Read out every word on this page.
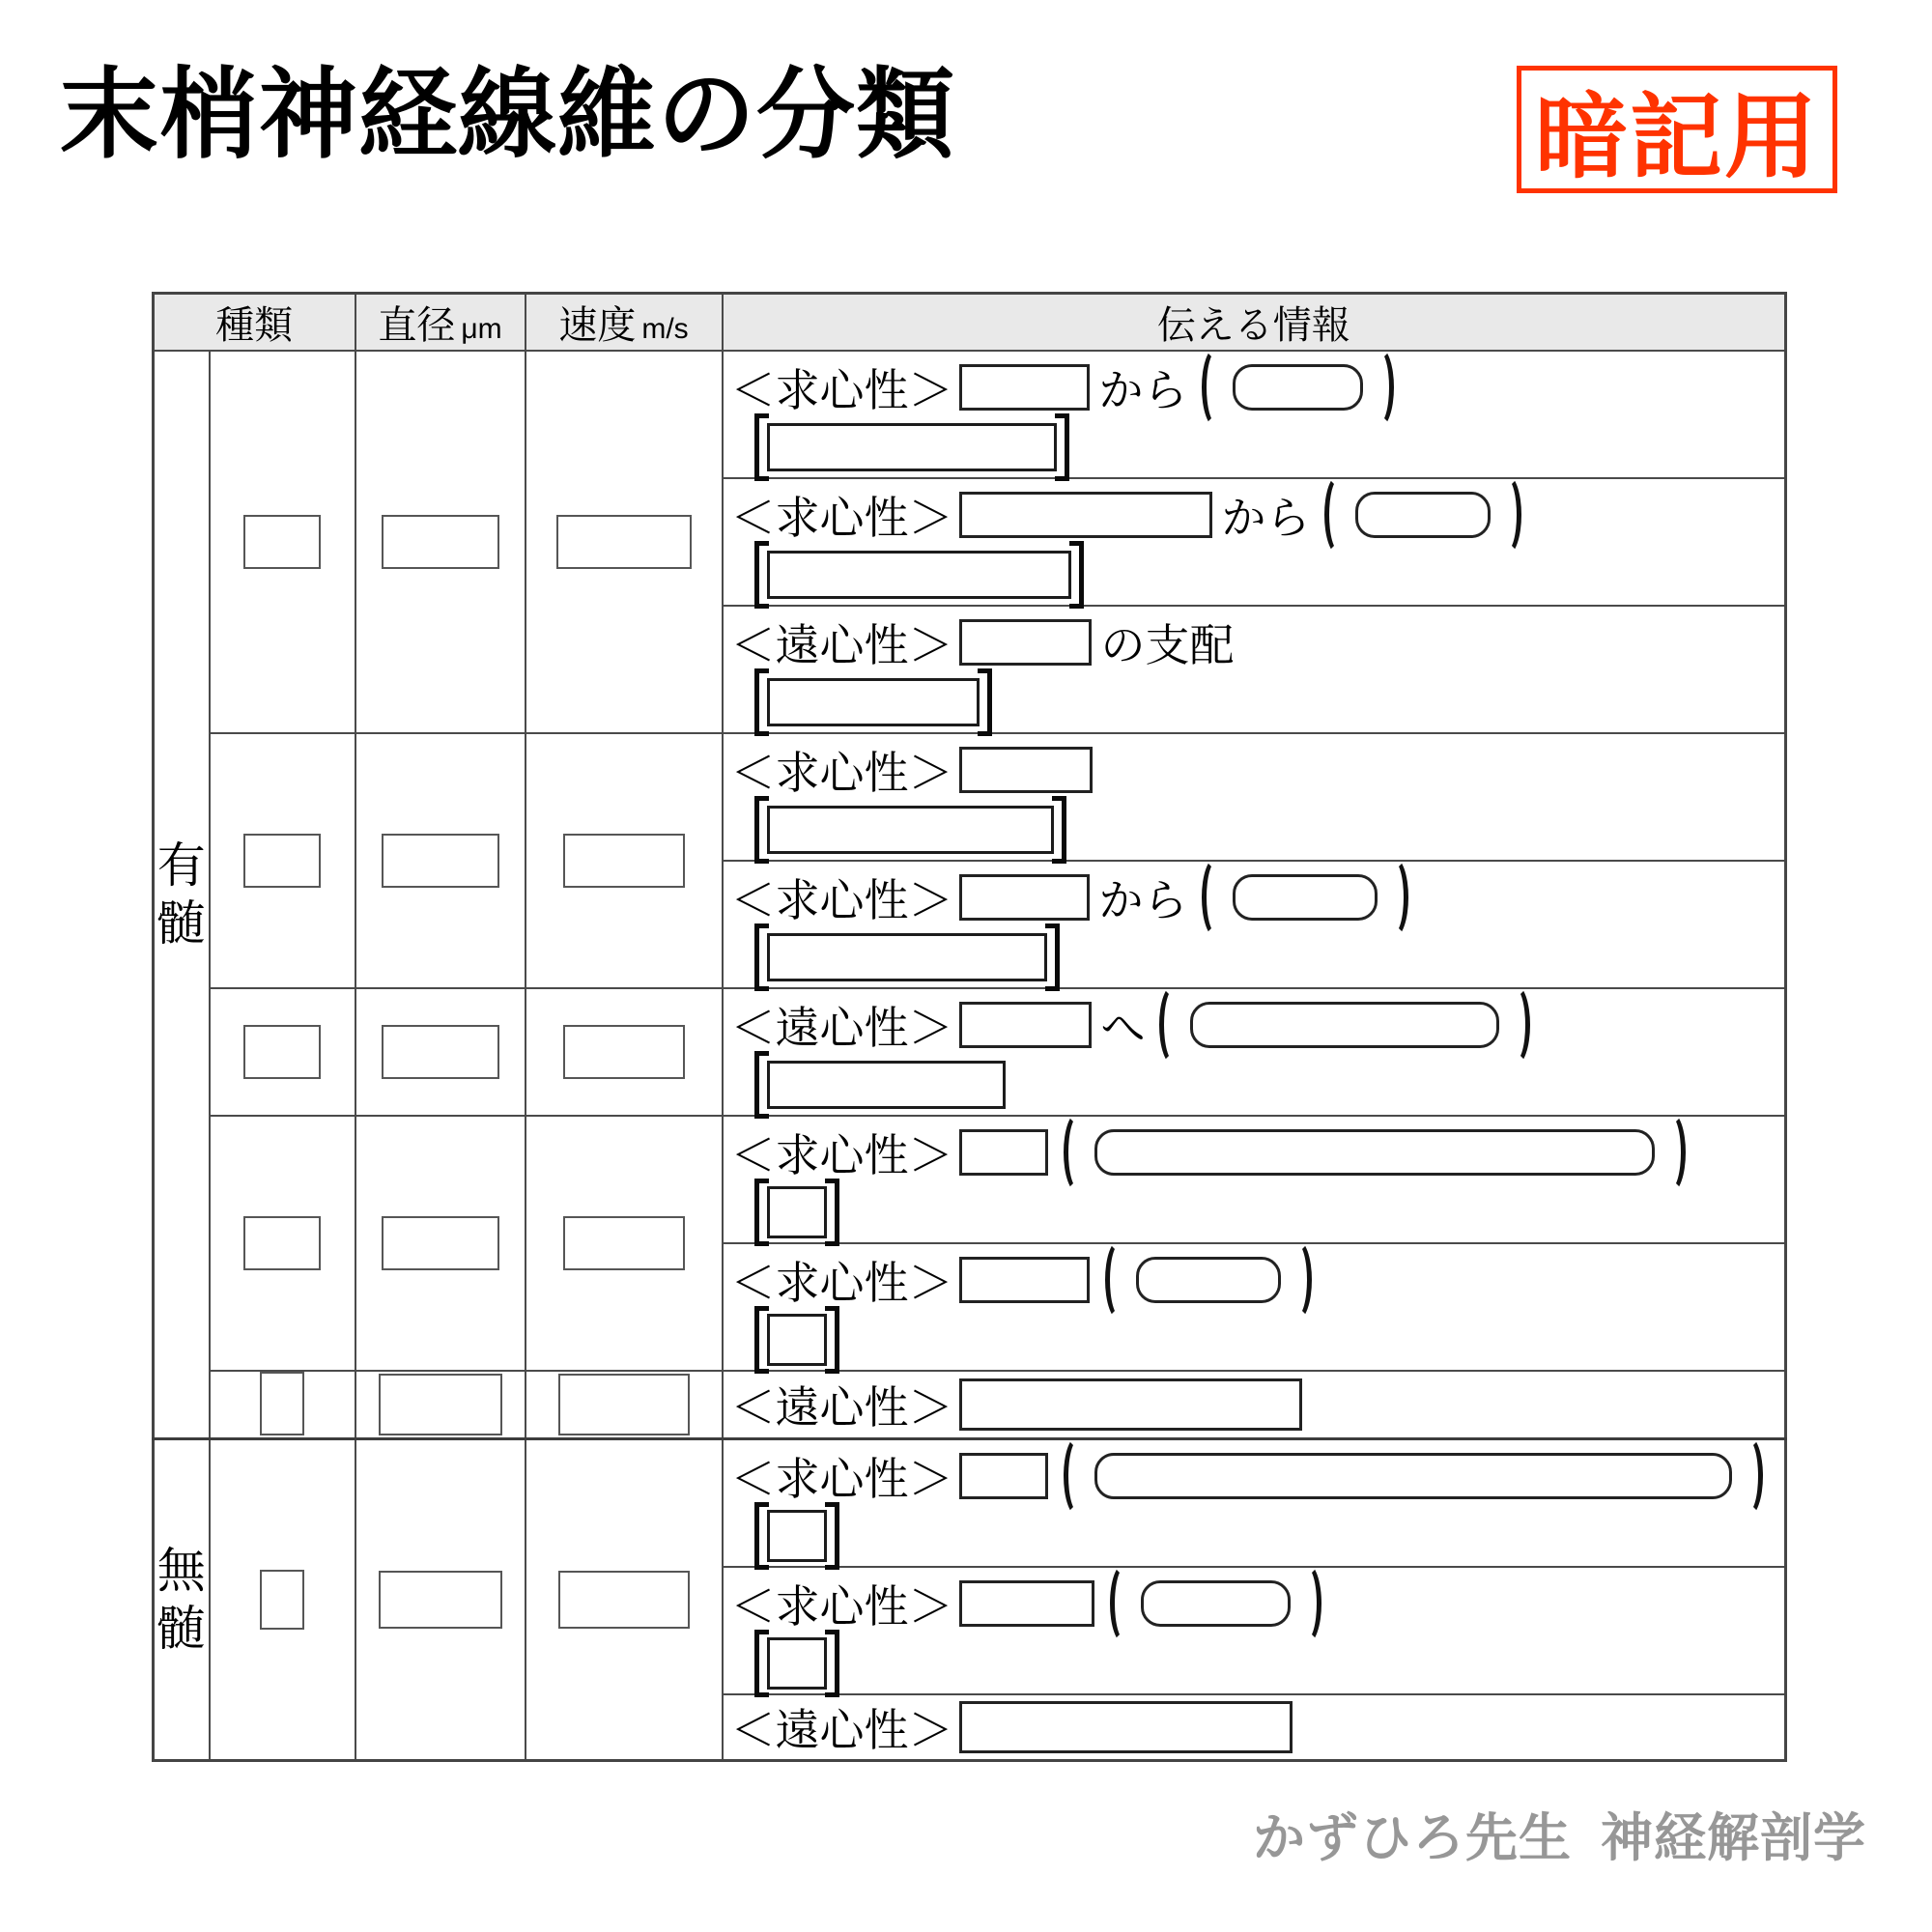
末梢神経線維の分類	暗記用
種類		直径 μm	速度 m/s	伝える情報

有髄				＜求心性＞ から

				＜求心性＞ から

				＜遠心性＞ の支配

				＜求心性＞

				＜求心性＞ から

				＜遠心性＞ へ

				＜求心性＞

				＜求心性＞

				＜遠心性＞

無髄				＜求心性＞

				＜求心性＞

				＜遠心性＞
かずひろ先生 神経解剖学
